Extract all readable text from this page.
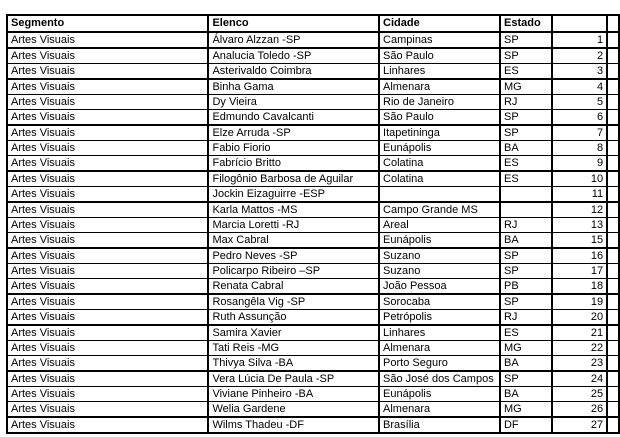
Segmento	Elenco	Cidade	Estado		
Artes Visuais	Álvaro Alzzan -SP	Campinas	SP	1	
Artes Visuais	Analucia Toledo -SP	São Paulo	SP	2	
Artes Visuais	Asterivaldo Coimbra	Linhares	ES	3	
Artes Visuais	Binha Gama	Almenara	MG	4	
Artes Visuais	Dy Vieira	Rio de Janeiro	RJ	5	
Artes Visuais	Edmundo Cavalcanti	São Paulo	SP	6	
Artes Visuais	Elze Arruda -SP	Itapetininga	SP	7	
Artes Visuais	Fabio Fiorio	Eunápolis	BA	8	
Artes Visuais	Fabrício Britto	Colatina	ES	9	
Artes Visuais	Filogônio Barbosa de Aguilar	Colatina	ES	10	
Artes Visuais	Jockin Eizaguirre -ESP			11	
Artes Visuais	Karla Mattos -MS	Campo Grande MS		12	
Artes Visuais	Marcia Loretti -RJ	Areal	RJ	13	
Artes Visuais	Max Cabral	Eunápolis	BA	15	
Artes Visuais	Pedro Neves -SP	Suzano	SP	16	
Artes Visuais	Policarpo Ribeiro –SP	Suzano	SP	17	
Artes Visuais	Renata Cabral	João Pessoa	PB	18	
Artes Visuais	Rosangêla Vig -SP	Sorocaba	SP	19	
Artes Visuais	Ruth Assunção	Petrópolis	RJ	20	
Artes Visuais	Samira Xavier	Linhares	ES	21	
Artes Visuais	Tati Reis -MG	Almenara	MG	22	
Artes Visuais	Thivya Silva -BA	Porto Seguro	BA	23	
Artes Visuais	Vera Lúcia De Paula -SP	São José dos Campos	SP	24	
Artes Visuais	Viviane Pinheiro -BA	Eunápolis	BA	25	
Artes Visuais	Welia Gardene	Almenara	MG	26	
Artes Visuais	Wilms Thadeu -DF	Brasília	DF	27	
